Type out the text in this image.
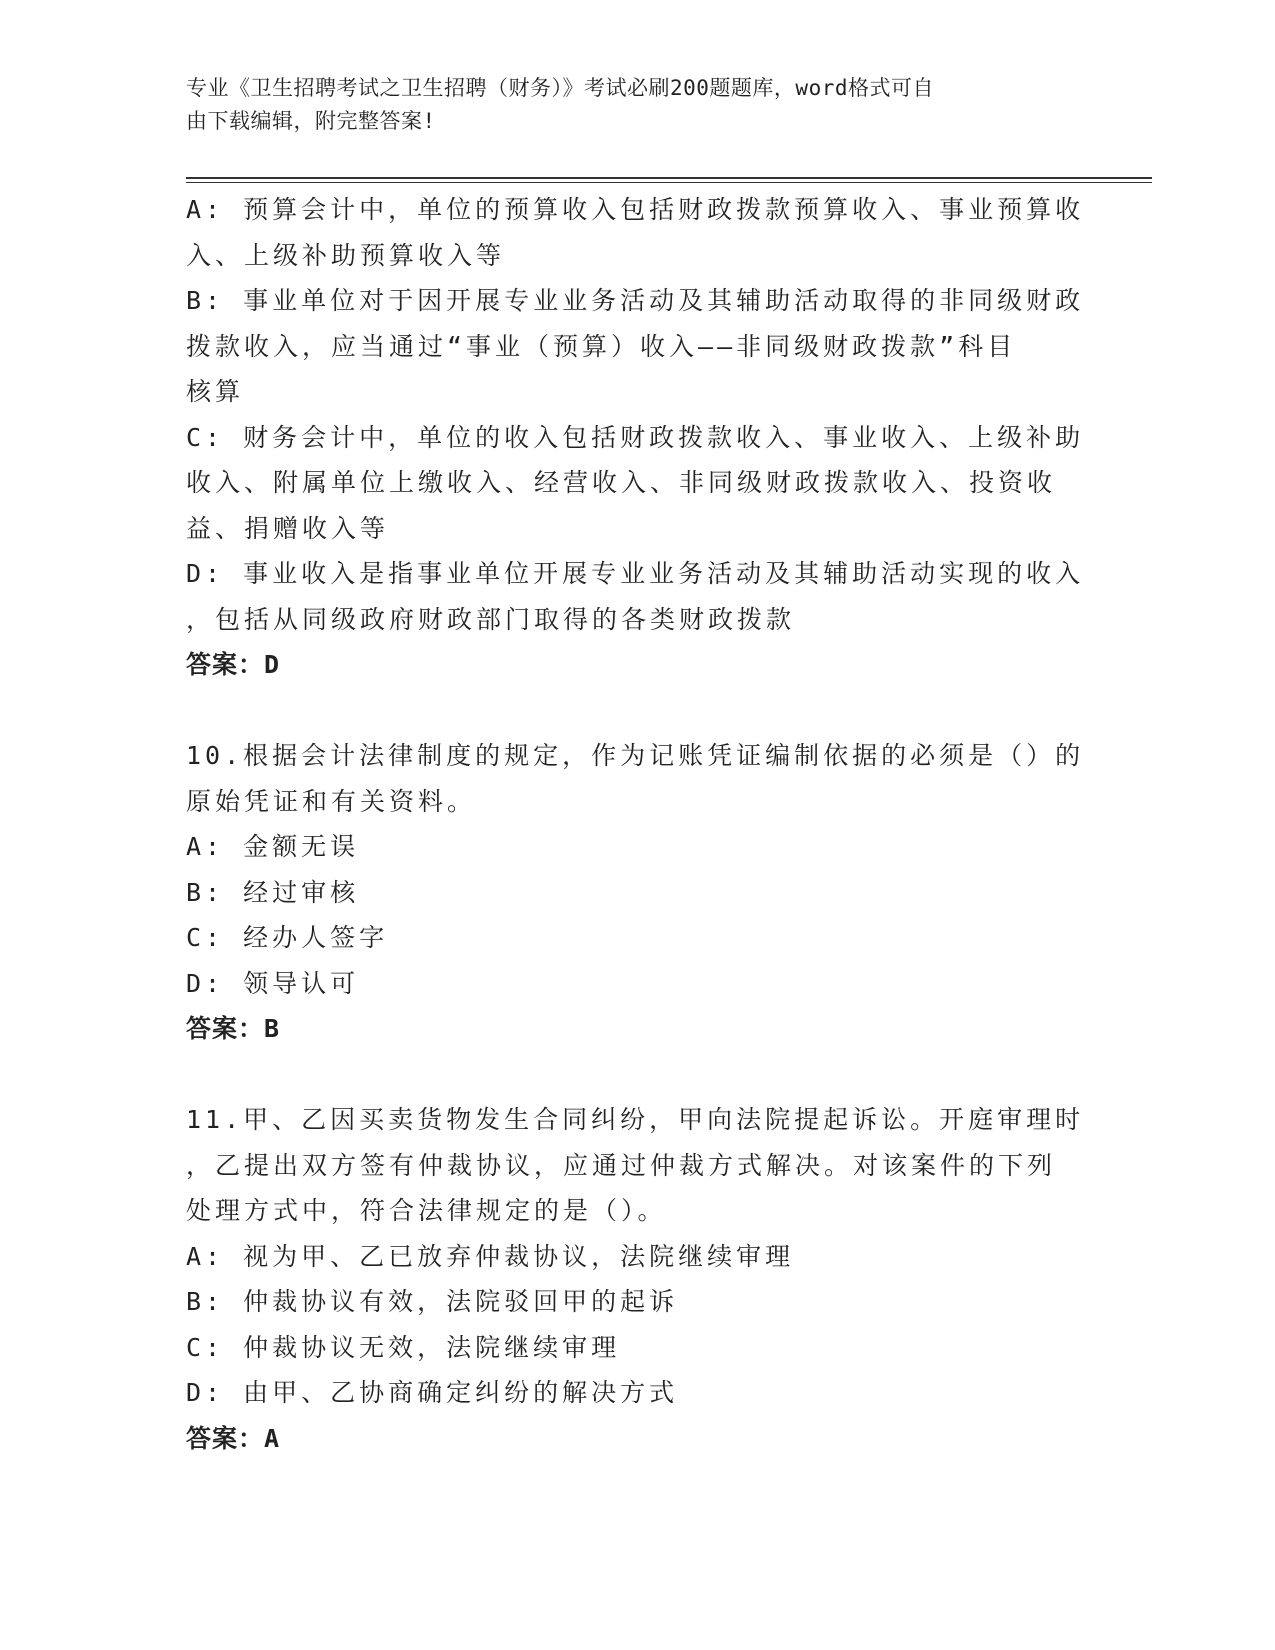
专业《卫生招聘考试之卫生招聘（财务）》考试必刷200题题库，word格式可自
由下载编辑，附完整答案!
A: 预算会计中，单位的预算收入包括财政拨款预算收入、事业预算收
入、上级补助预算收入等
B: 事业单位对于因开展专业业务活动及其辅助活动取得的非同级财政
拨款收入，应当通过“事业（预算）收入——非同级财政拨款”科目
核算
C: 财务会计中，单位的收入包括财政拨款收入、事业收入、上级补助
收入、附属单位上缴收入、经营收入、非同级财政拨款收入、投资收
益、捐赠收入等
D: 事业收入是指事业单位开展专业业务活动及其辅助活动实现的收入
，包括从同级政府财政部门取得的各类财政拨款
答案：D
10.根据会计法律制度的规定，作为记账凭证编制依据的必须是（）的
原始凭证和有关资料。
A: 金额无误
B: 经过审核
C: 经办人签字
D: 领导认可
答案：B
11.甲、乙因买卖货物发生合同纠纷，甲向法院提起诉讼。开庭审理时
，乙提出双方签有仲裁协议，应通过仲裁方式解决。对该案件的下列
处理方式中，符合法律规定的是（）。
A: 视为甲、乙已放弃仲裁协议，法院继续审理
B: 仲裁协议有效，法院驳回甲的起诉
C: 仲裁协议无效，法院继续审理
D: 由甲、乙协商确定纠纷的解决方式
答案：A
